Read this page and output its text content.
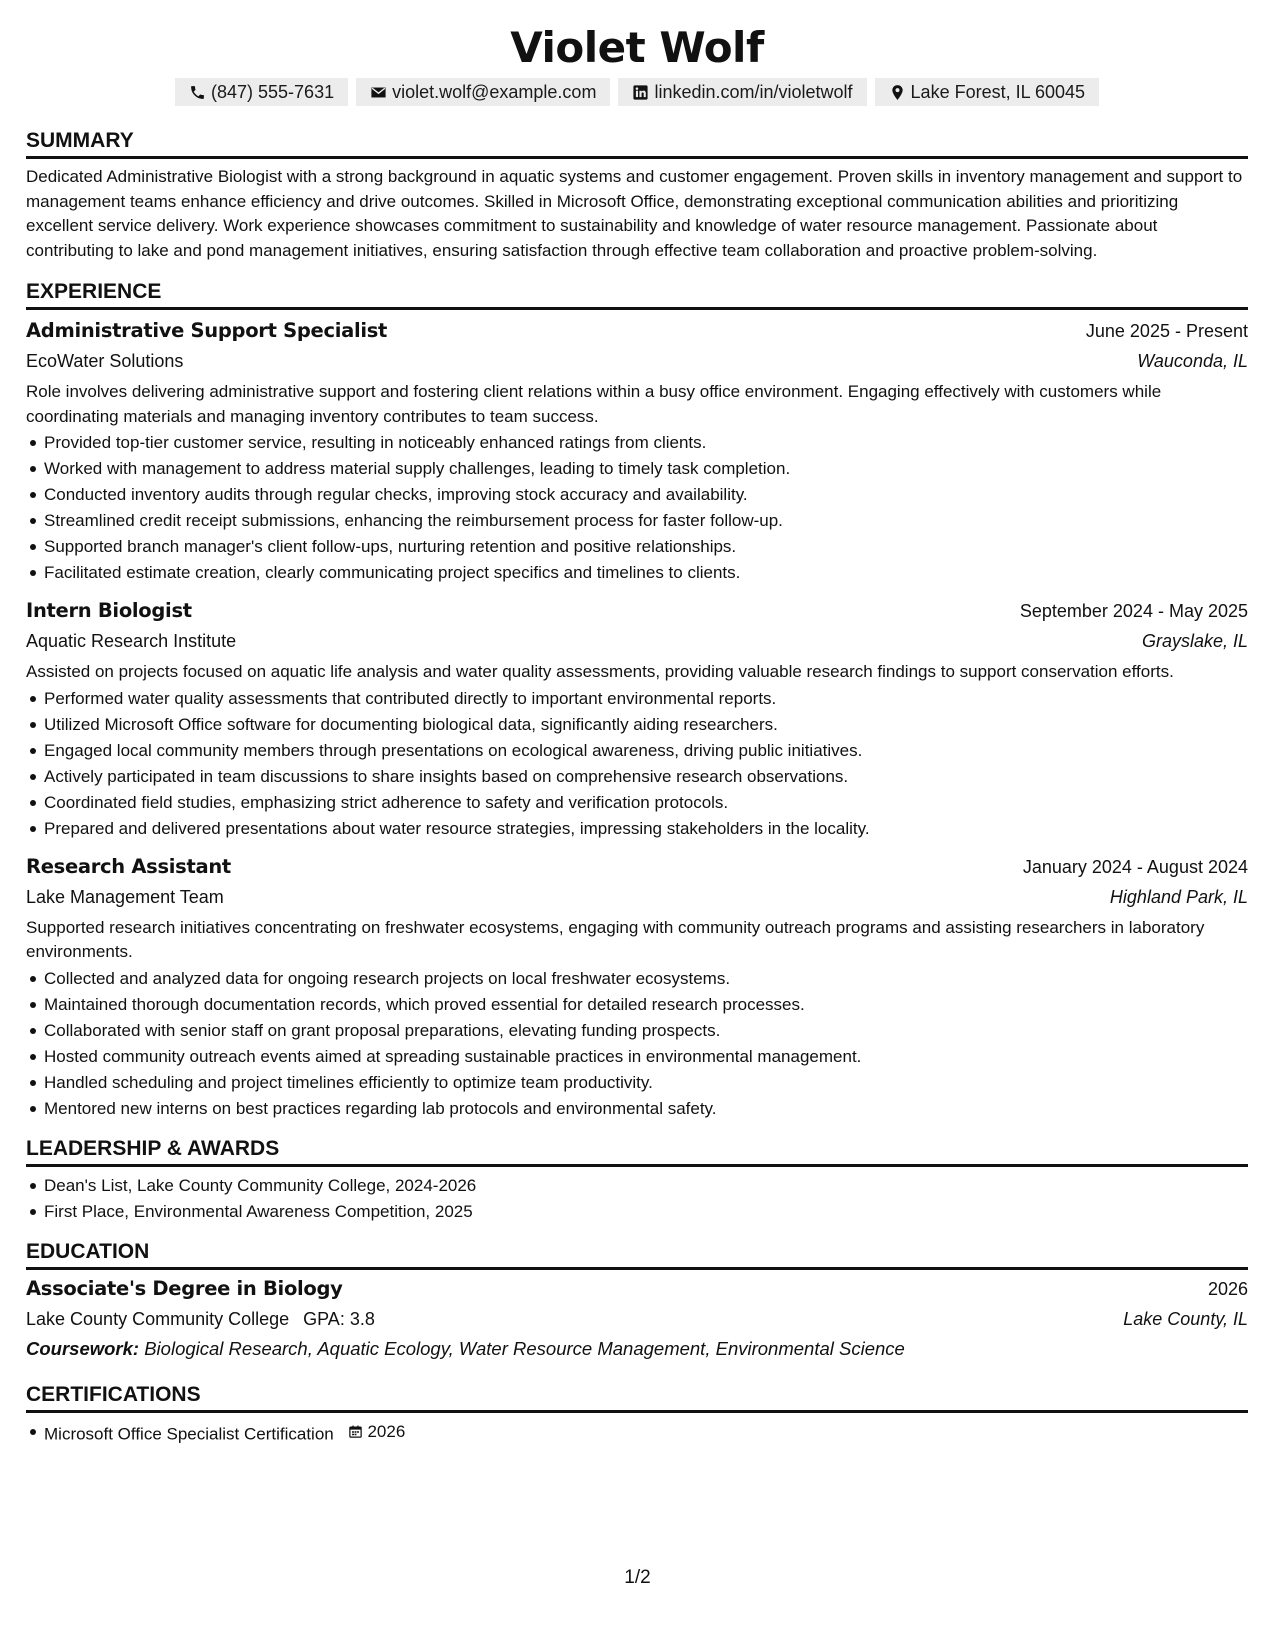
Violet Wolf
(847) 555-7631	violet.wolf@example.com	linkedin.com/in/violetwolf	Lake Forest, IL 60045
SUMMARY
Dedicated Administrative Biologist with a strong background in aquatic systems and customer engagement. Proven skills in inventory management and support to management teams enhance efficiency and drive outcomes. Skilled in Microsoft Office, demonstrating exceptional communication abilities and prioritizing excellent service delivery. Work experience showcases commitment to sustainability and knowledge of water resource management. Passionate about contributing to lake and pond management initiatives, ensuring satisfaction through effective team collaboration and proactive problem-solving.
EXPERIENCE
Administrative Support Specialist	June 2025 - Present
EcoWater Solutions	Wauconda, IL
Role involves delivering administrative support and fostering client relations within a busy office environment. Engaging effectively with customers while coordinating materials and managing inventory contributes to team success.
Provided top-tier customer service, resulting in noticeably enhanced ratings from clients.
Worked with management to address material supply challenges, leading to timely task completion.
Conducted inventory audits through regular checks, improving stock accuracy and availability.
Streamlined credit receipt submissions, enhancing the reimbursement process for faster follow-up.
Supported branch manager's client follow-ups, nurturing retention and positive relationships.
Facilitated estimate creation, clearly communicating project specifics and timelines to clients.
Intern Biologist	September 2024 - May 2025
Aquatic Research Institute	Grayslake, IL
Assisted on projects focused on aquatic life analysis and water quality assessments, providing valuable research findings to support conservation efforts.
Performed water quality assessments that contributed directly to important environmental reports.
Utilized Microsoft Office software for documenting biological data, significantly aiding researchers.
Engaged local community members through presentations on ecological awareness, driving public initiatives.
Actively participated in team discussions to share insights based on comprehensive research observations.
Coordinated field studies, emphasizing strict adherence to safety and verification protocols.
Prepared and delivered presentations about water resource strategies, impressing stakeholders in the locality.
Research Assistant	January 2024 - August 2024
Lake Management Team	Highland Park, IL
Supported research initiatives concentrating on freshwater ecosystems, engaging with community outreach programs and assisting researchers in laboratory environments.
Collected and analyzed data for ongoing research projects on local freshwater ecosystems.
Maintained thorough documentation records, which proved essential for detailed research processes.
Collaborated with senior staff on grant proposal preparations, elevating funding prospects.
Hosted community outreach events aimed at spreading sustainable practices in environmental management.
Handled scheduling and project timelines efficiently to optimize team productivity.
Mentored new interns on best practices regarding lab protocols and environmental safety.
LEADERSHIP & AWARDS
Dean's List, Lake County Community College, 2024-2026
First Place, Environmental Awareness Competition, 2025
EDUCATION
Associate's Degree in Biology	2026
Lake County Community College GPA: 3.8	Lake County, IL
Coursework: Biological Research, Aquatic Ecology, Water Resource Management, Environmental Science
CERTIFICATIONS
Microsoft Office Specialist Certification 2026
1/2
